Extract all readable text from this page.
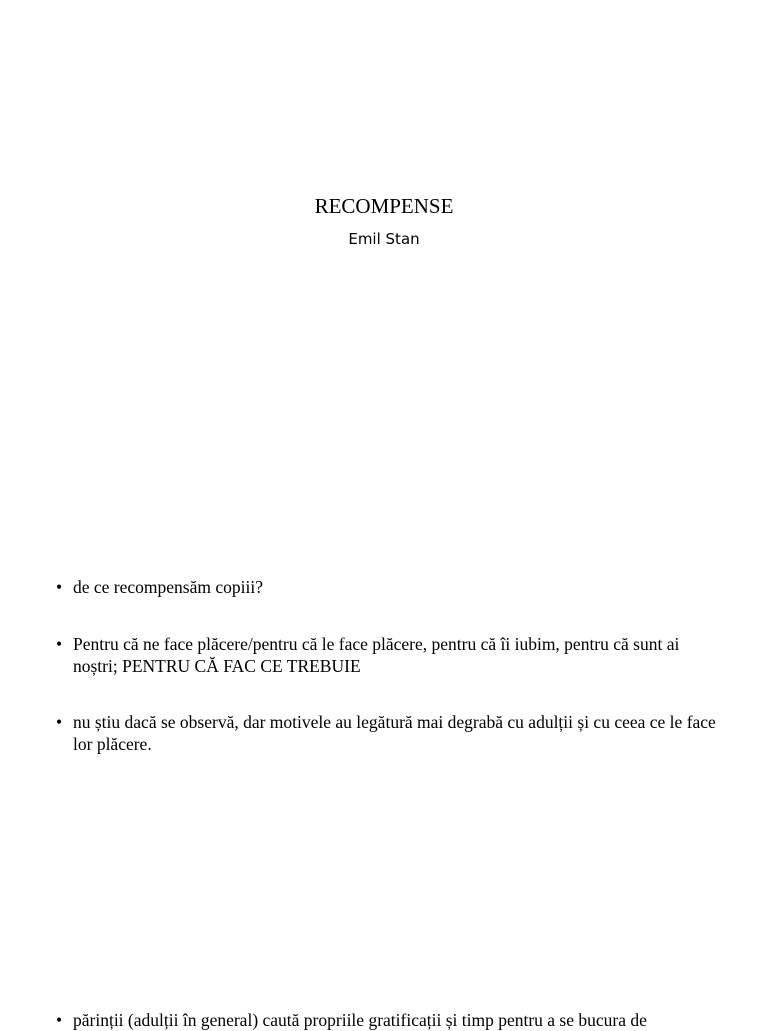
RECOMPENSE
Emil Stan
• de ce recompensăm copiii?
• Pentru că ne face plăcere/pentru că le face plăcere, pentru că îi iubim, pentru că sunt ai noștri; PENTRU CĂ FAC CE TREBUIE
• nu știu dacă se observă, dar motivele au legătură mai degrabă cu adulții și cu ceea ce le face lor plăcere.
• părinții (adulții în general) caută propriile gratificații și timp pentru a se bucura de
